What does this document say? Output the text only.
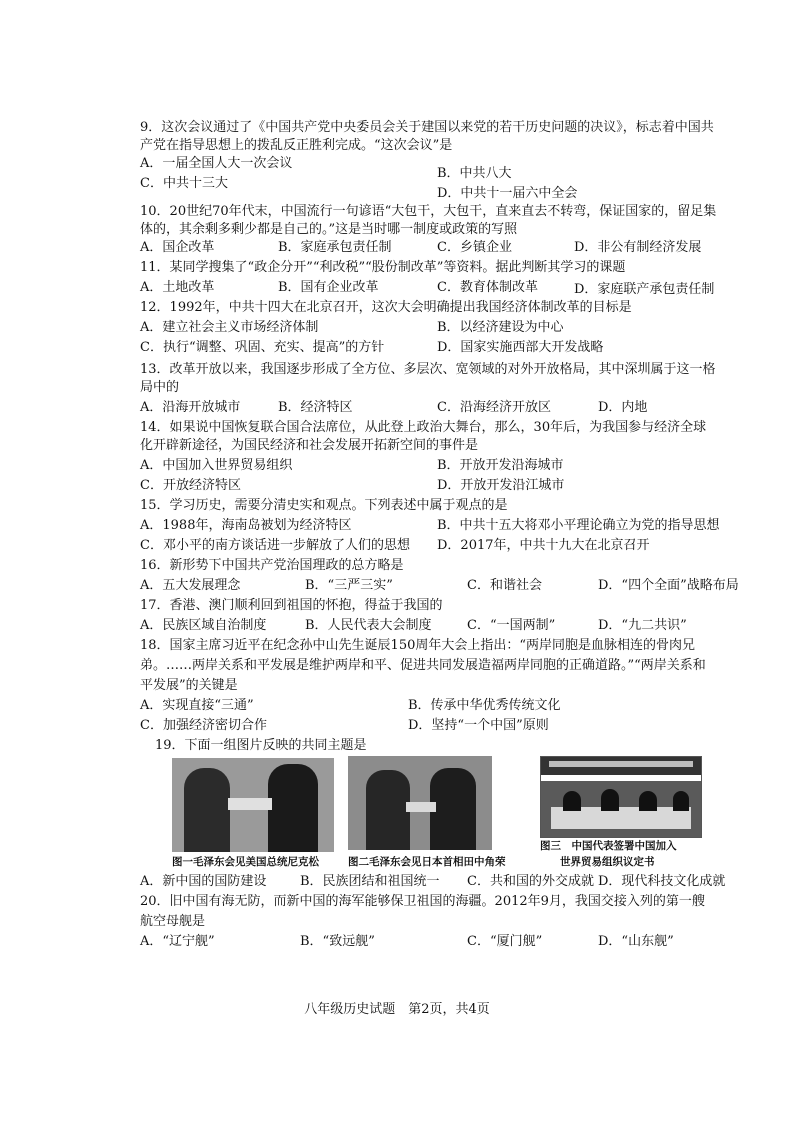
9．这次会议通过了《中国共产党中央委员会关于建国以来党的若干历史问题的决议》，标志着中国共
产党在指导思想上的拨乱反正胜利完成。“这次会议”是
A．一届全国人大一次会议
B．中共八大
C．中共十三大
D．中共十一届六中全会
10．20世纪70年代末，中国流行一句谚语“大包干，大包干，直来直去不转弯，保证国家的，留足集
体的，其余剩多剩少都是自己的。”这是当时哪一制度或政策的写照
A．国企改革	B．家庭承包责任制	C．乡镇企业	D．非公有制经济发展
11．某同学搜集了“政企分开”“利改税”“股份制改革”等资料。据此判断其学习的课题
A．土地改革	B．国有企业改革	C．教育体制改革	D．家庭联产承包责任制
12．1992年，中共十四大在北京召开，这次大会明确提出我国经济体制改革的目标是
A．建立社会主义市场经济体制	B．以经济建设为中心
C．执行“调整、巩固、充实、提高”的方针	D．国家实施西部大开发战略
13．改革开放以来，我国逐步形成了全方位、多层次、宽领域的对外开放格局，其中深圳属于这一格
局中的
A．沿海开放城市	B．经济特区	C．沿海经济开放区	D．内地
14．如果说中国恢复联合国合法席位，从此登上政治大舞台，那么，30年后，为我国参与经济全球
化开辟新途径，为国民经济和社会发展开拓新空间的事件是
A．中国加入世界贸易组织	B．开放开发沿海城市
C．开放经济特区	D．开放开发沿江城市
15．学习历史，需要分清史实和观点。下列表述中属于观点的是
A．1988年，海南岛被划为经济特区	B．中共十五大将邓小平理论确立为党的指导思想
C．邓小平的南方谈话进一步解放了人们的思想 D．2017年，中共十九大在北京召开
16．新形势下中国共产党治国理政的总方略是
A．五大发展理念	B．“三严三实”	C．和谐社会	D．“四个全面”战略布局
17．香港、澳门顺利回到祖国的怀抱，得益于我国的
A．民族区域自治制度	B．人民代表大会制度	C．“一国两制”	D．“九二共识”
18．国家主席习近平在纪念孙中山先生诞辰150周年大会上指出：“两岸同胞是血脉相连的骨肉兄
弟。……两岸关系和平发展是维护两岸和平、促进共同发展造福两岸同胞的正确道路。”“两岸关系和
平发展”的关键是
A．实现直接“三通”	B．传承中华优秀传统文化
C．加强经济密切合作	D．坚持“一个中国”原则
19．下面一组图片反映的共同主题是
图一毛泽东会见美国总统尼克松	图二毛泽东会见日本首相田中角荣
图三　中国代表签署中国加入
世界贸易组织议定书
A．新中国的国防建设	B．民族团结和祖国统一 C．共和国的外交成就 D．现代科技文化成就
20．旧中国有海无防，而新中国的海军能够保卫祖国的海疆。2012年9月，我国交接入列的第一艘
航空母舰是
A．“辽宁舰”	B．“致远舰”	C．“厦门舰”	D．“山东舰”
八年级历史试题　第2页，共4页
